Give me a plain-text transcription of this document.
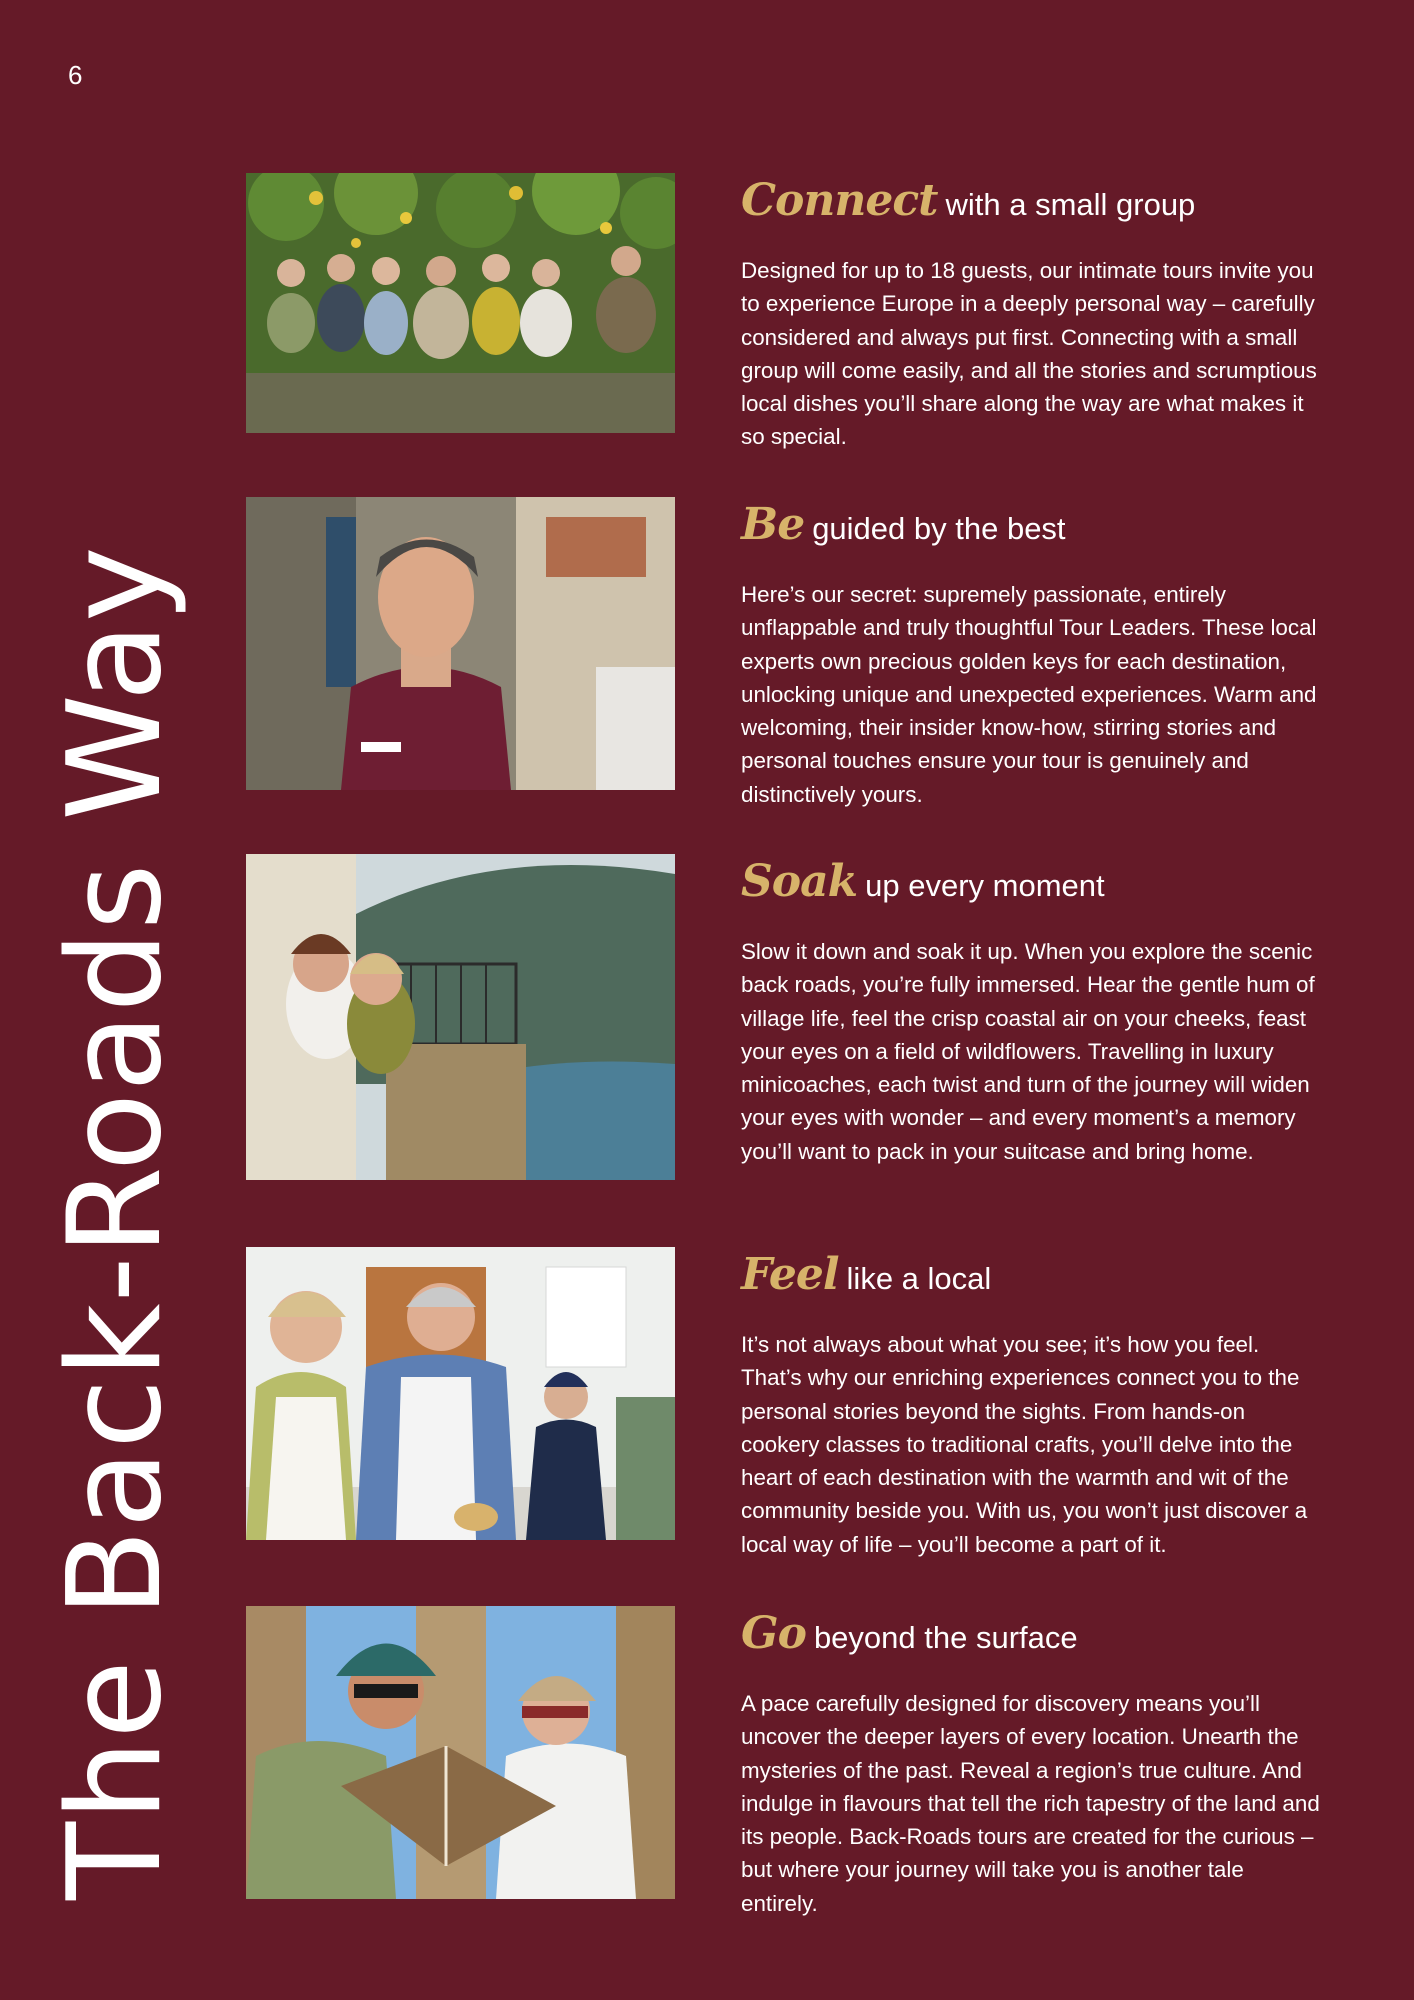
6
The Back-Roads Way
Connect with a small group

Designed for up to 18 guests, our intimate tours invite you to experience Europe in a deeply personal way – carefully considered and always put first. Connecting with a small group will come easily, and all the stories and scrumptious local dishes you’ll share along the way are what makes it so special.

Be guided by the best

Here’s our secret: supremely passionate, entirely unflappable and truly thoughtful Tour Leaders. These local experts own precious golden keys for each destination, unlocking unique and unexpected experiences. Warm and welcoming, their insider know-how, stirring stories and personal touches ensure your tour is genuinely and distinctively yours.

Soak up every moment

Slow it down and soak it up. When you explore the scenic back roads, you’re fully immersed. Hear the gentle hum of village life, feel the crisp coastal air on your cheeks, feast your eyes on a field of wildflowers. Travelling in luxury minicoaches, each twist and turn of the journey will widen your eyes with wonder – and every moment’s a memory you’ll want to pack in your suitcase and bring home.

Feel like a local

It’s not always about what you see; it’s how you feel. That’s why our enriching experiences connect you to the personal stories beyond the sights. From hands-on cookery classes to traditional crafts, you’ll delve into the heart of each destination with the warmth and wit of the community beside you. With us, you won’t just discover a local way of life – you’ll become a part of it.

Go beyond the surface

A pace carefully designed for discovery means you’ll uncover the deeper layers of every location. Unearth the mysteries of the past. Reveal a region’s true culture. And indulge in flavours that tell the rich tapestry of the land and its people. Back-Roads tours are created for the curious – but where your journey will take you is another tale entirely.
